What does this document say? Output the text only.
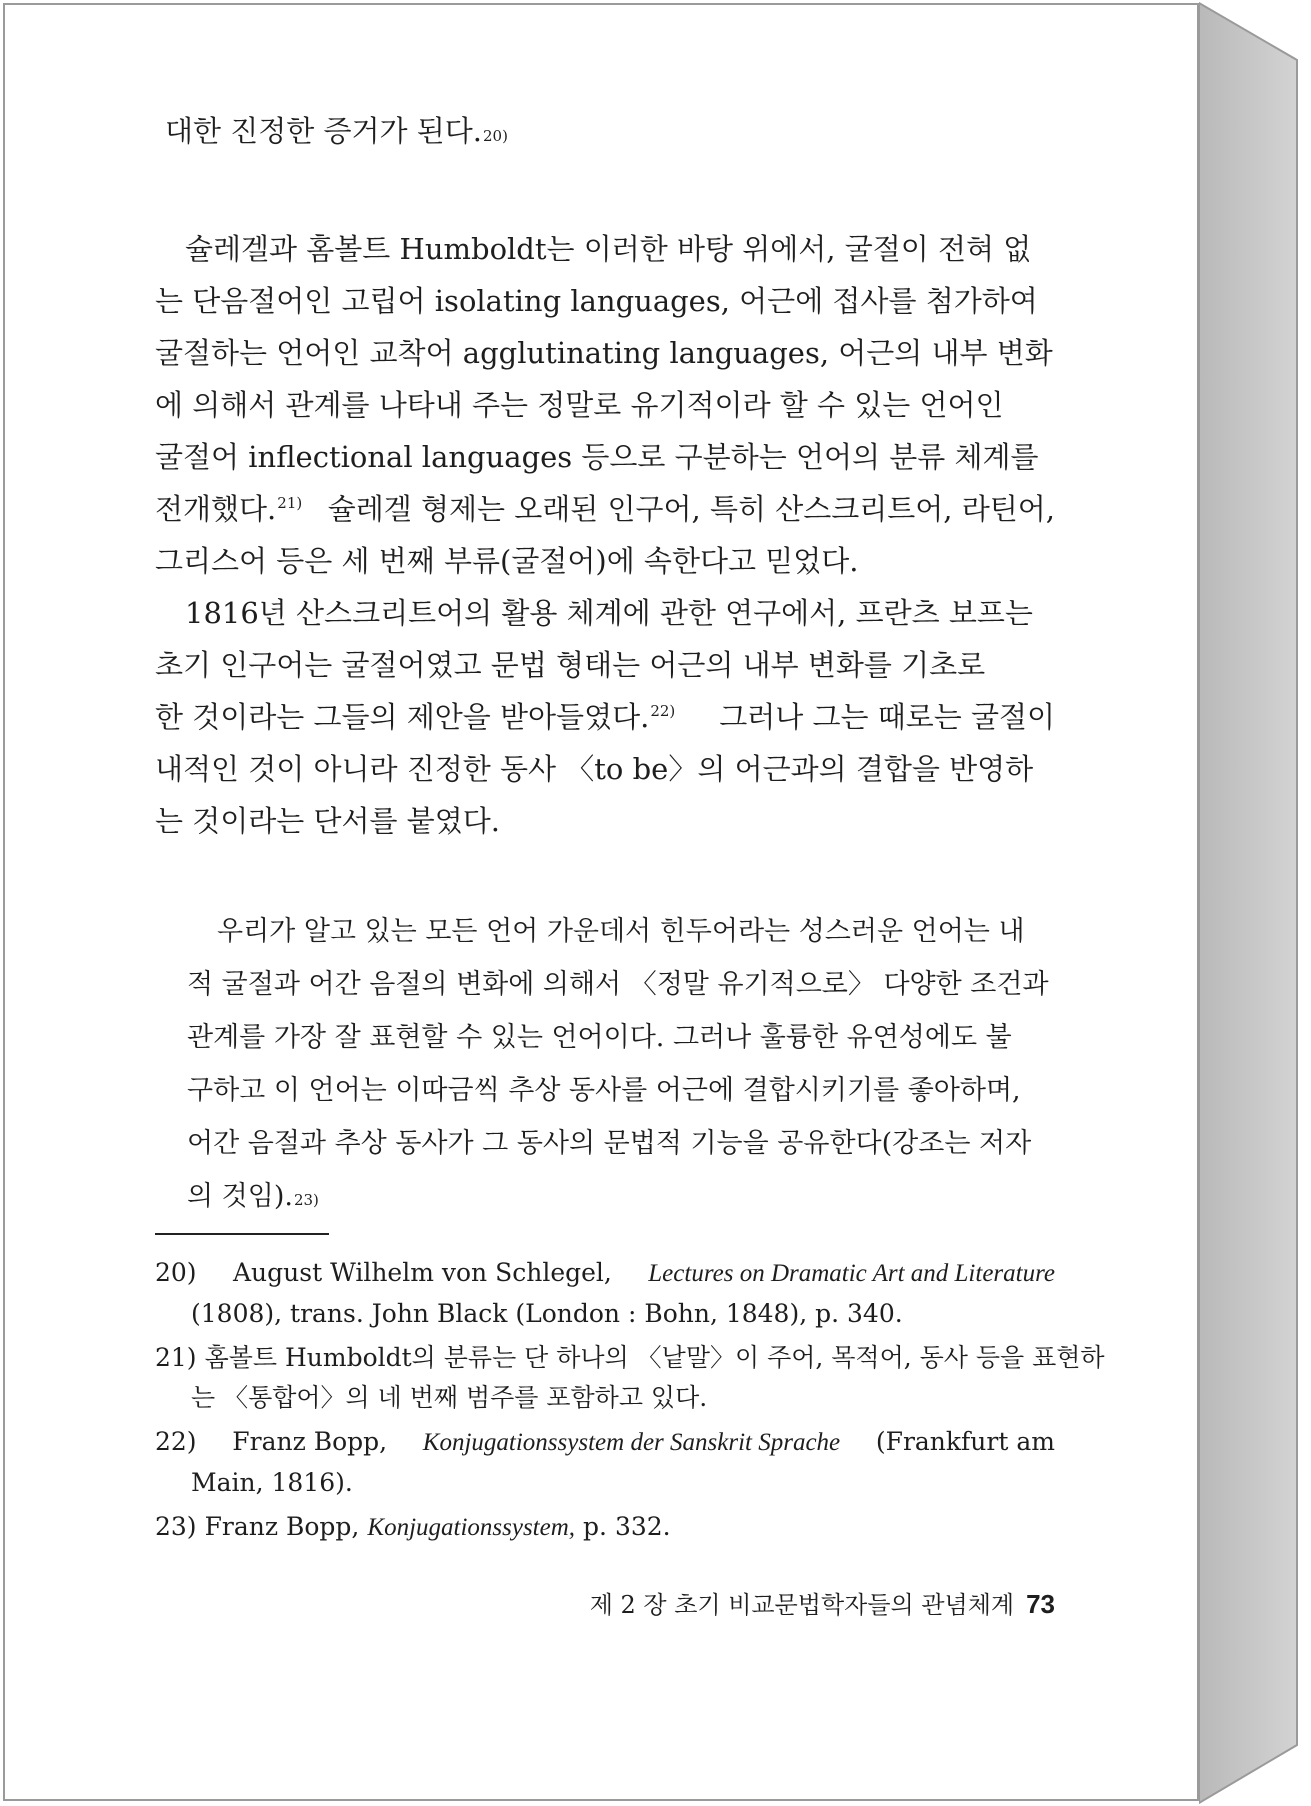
대한 진정한 증거가 된다. 20)
슐레겔과 홈볼트 Humboldt는 이러한 바탕 위에서, 굴절이 전혀 없
는 단음절어인 고립어 isolating languages, 어근에 접사를 첨가하여
굴절하는 언어인 교착어 agglutinating languages, 어근의 내부 변화
에 의해서 관계를 나타내 주는 정말로 유기적이라 할 수 있는 언어인
굴절어 inflectional languages 등으로 구분하는 언어의 분류 체계를
전개했다.$^{21)}$ 슐레겔 형제는 오래된 인구어, 특히 산스크리트어, 라틴어,
그리스어 등은 세 번째 부류(굴절어)에 속한다고 믿었다.
1816년 산스크리트어의 활용 체계에 관한 연구에서, 프란츠 보프는
초기 인구어는 굴절어였고 문법 형태는 어근의 내부 변화를 기초로
한 것이라는 그들의 제안을 받아들였다.$^{22)}$ 그러나 그는 때로는 굴절이
내적인 것이 아니라 진정한 동사 〈to be〉의 어근과의 결합을 반영하
는 것이라는 단서를 붙였다.
우리가 알고 있는 모든 언어 가운데서 힌두어라는 성스러운 언어는 내
적 굴절과 어간 음절의 변화에 의해서 〈정말 유기적으로〉 다양한 조건과
관계를 가장 잘 표현할 수 있는 언어이다. 그러나 훌륭한 유연성에도 불
구하고 이 언어는 이따금씩 추상 동사를 어근에 결합시키기를 좋아하며,
어간 음절과 추상 동사가 그 동사의 문법적 기능을 공유한다(강조는 저자
의 것임). 23)
20) August Wilhelm von Schlegel, Lectures on Dramatic Art and Literature
(1808), trans. John Black (London : Bohn, 1848), p. 340.
21) 홈볼트 Humboldt의 분류는 단 하나의 〈낱말〉이 주어, 목적어, 동사 등을 표현하
는 〈통합어〉의 네 번째 범주를 포함하고 있다.
22) Franz Bopp, Konjugationssystem der Sanskrit Sprache (Frankfurt am
Main, 1816).
23) Franz Bopp, Konjugationssystem, p. 332.
제 2 장 초기 비교문법학자들의 관념체계 73
